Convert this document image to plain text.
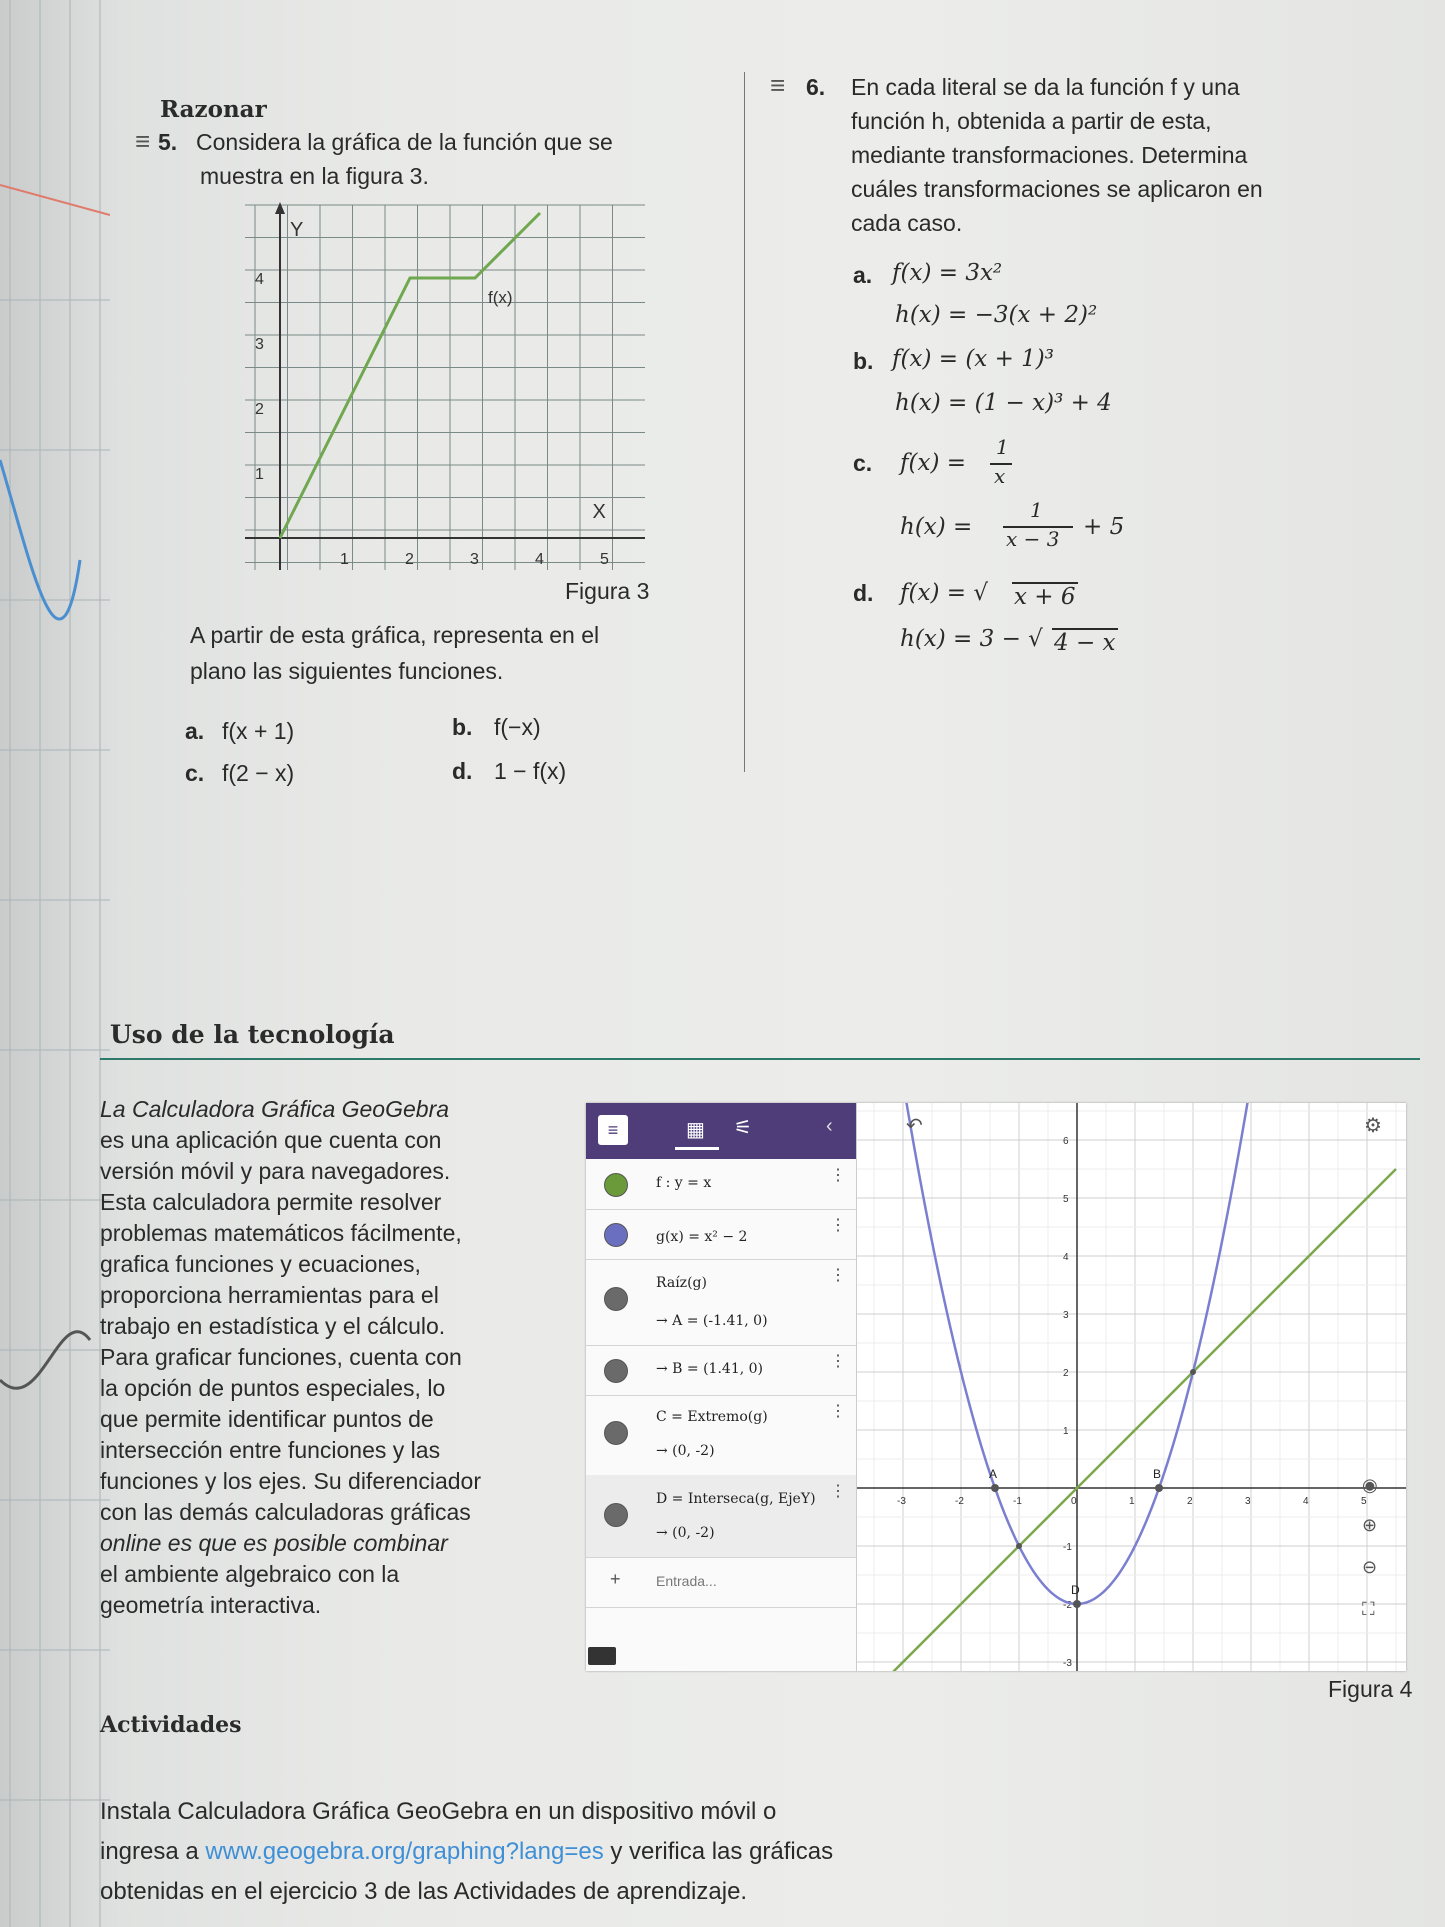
Razonar
≡ 5. Considera la gráfica de la función que se
muestra en la figura 3.
Y
X
1	2	3	4	5
1
2
3
4
f(x)
Figura 3
A partir de esta gráfica, representa en el
plano las siguientes funciones.
a. f(x + 1)	b. f(−x)
c. f(2 − x)	d. 1 − f(x)
≡ 6. En cada literal se da la función f y una
función h, obtenida a partir de esta,
mediante transformaciones. Determina
cuáles transformaciones se aplicaron en
cada caso.
a. f(x) = 3x²
h(x) = −3(x + 2)²
b. f(x) = (x + 1)³
h(x) = (1 − x)³ + 4
c. f(x) =
1
x
h(x) =
1
x − 3 + 5
d. f(x) = √ x + 6
h(x) = 3 − √ 4 − x
Uso de la tecnología
La Calculadora Gráfica GeoGebra
es una aplicación que cuenta con
versión móvil y para navegadores.
Esta calculadora permite resolver
problemas matemáticos fácilmente,
grafica funciones y ecuaciones,
proporciona herramientas para el
trabajo en estadística y el cálculo.
Para graficar funciones, cuenta con
la opción de puntos especiales, lo
que permite identificar puntos de
intersección entre funciones y las
funciones y los ejes. Su diferenciador
con las demás calculadoras gráficas
online es que es posible combinar
el ambiente algebraico con la
geometría interactiva.
≡	▦ ⚟	‹
f : y = x	⋮
g(x) = x² − 2
⋮
Raíz(g)
→ A = (-1.41, 0)
⋮
→ B = (1.41, 0)	⋮
C = Extremo(g)
→ (0, -2)
⋮
D = Interseca(g, EjeY)
→ (0, -2)
⋮
+	Entrada...
-3	-2	-1	0	1	2	3	4	5
6
5
4
3
2
1
-1
-2
-3
A	B
D
⚙
◉
⊕
⊖
⛶
↶
Figura 4
Actividades
Instala Calculadora Gráfica GeoGebra en un dispositivo móvil o
ingresa a www.geogebra.org/graphing?lang=es y verifica las gráficas
obtenidas en el ejercicio 3 de las Actividades de aprendizaje.
